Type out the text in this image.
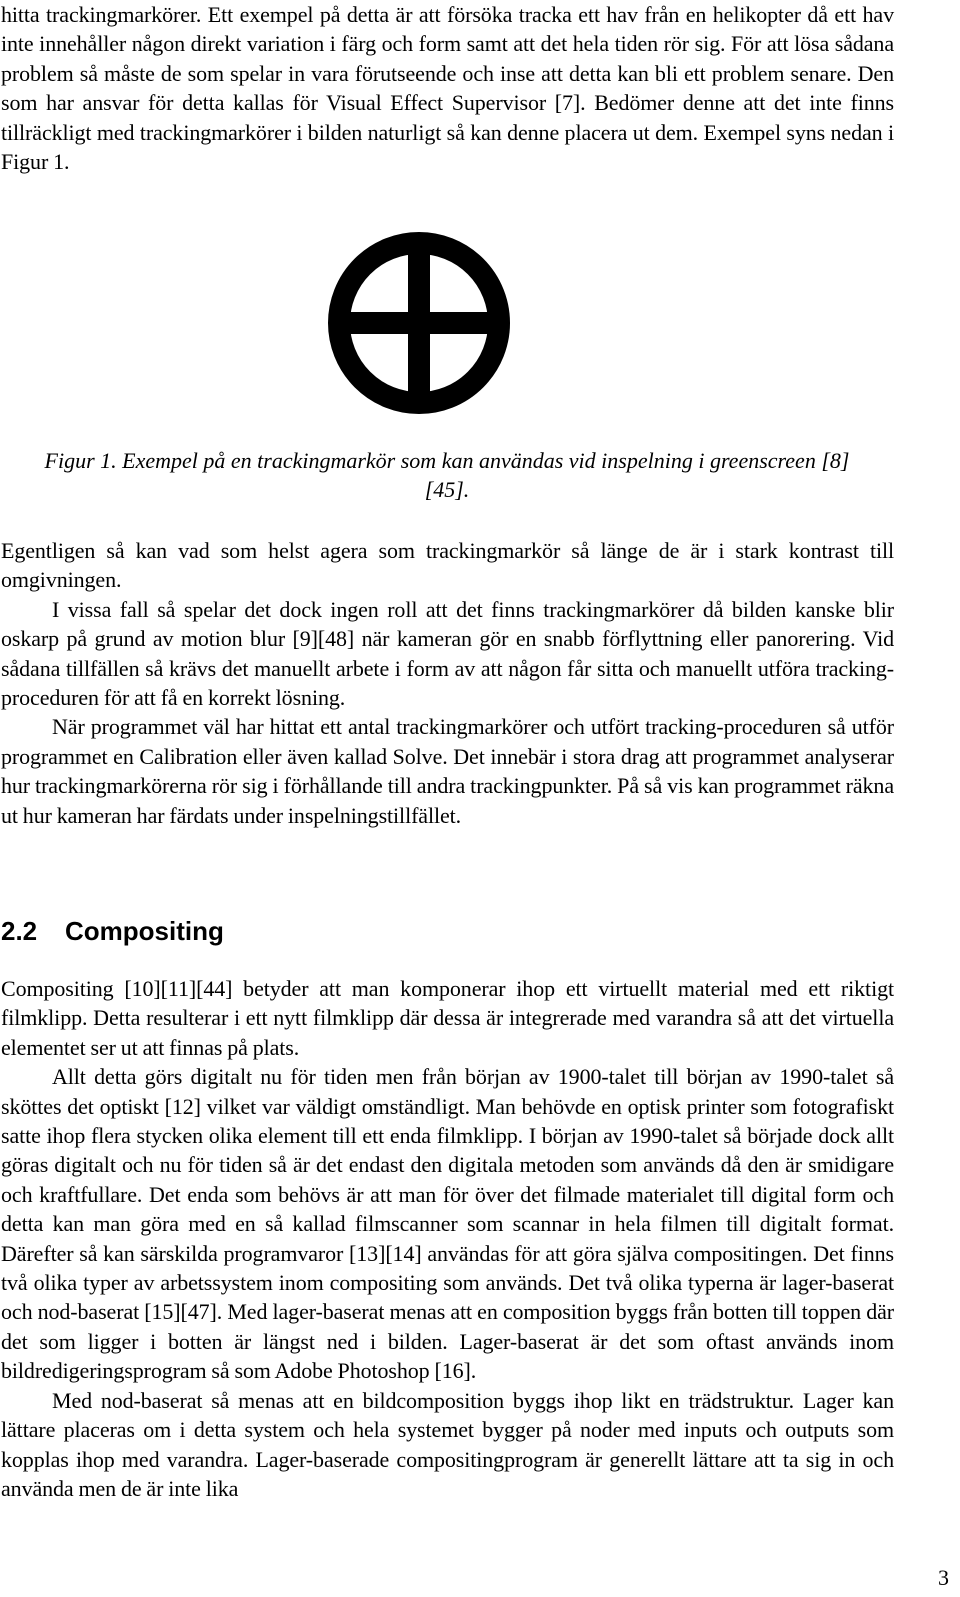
hitta trackingmarkörer. Ett exempel på detta är att försöka tracka ett hav från en helikopter då ett hav inte innehåller någon direkt variation i färg och form samt att det hela tiden rör sig. För att lösa sådana problem så måste de som spelar in vara förutseende och inse att detta kan bli ett problem senare. Den som har ansvar för detta kallas för Visual Effect Supervisor [7]. Bedömer denne att det inte finns tillräckligt med trackingmarkörer i bilden naturligt så kan denne placera ut dem. Exempel syns nedan i Figur 1.

Figur 1. Exempel på en trackingmarkör som kan användas vid inspelning i greenscreen [8][45].

Egentligen så kan vad som helst agera som trackingmarkör så länge de är i stark kontrast till omgivningen.

I vissa fall så spelar det dock ingen roll att det finns trackingmarkörer då bilden kanske blir oskarp på grund av motion blur [9][48] när kameran gör en snabb förflyttning eller panorering. Vid sådana tillfällen så krävs det manuellt arbete i form av att någon får sitta och manuellt utföra tracking-proceduren för att få en korrekt lösning.

När programmet väl har hittat ett antal trackingmarkörer och utfört tracking-proceduren så utför programmet en Calibration eller även kallad Solve. Det innebär i stora drag att programmet analyserar hur trackingmarkörerna rör sig i förhållande till andra trackingpunkter. På så vis kan programmet räkna ut hur kameran har färdats under inspelningstillfället.

2.2 Compositing

Compositing [10][11][44] betyder att man komponerar ihop ett virtuellt material med ett riktigt filmklipp. Detta resulterar i ett nytt filmklipp där dessa är integrerade med varandra så att det virtuella elementet ser ut att finnas på plats.

Allt detta görs digitalt nu för tiden men från början av 1900-talet till början av 1990-talet så sköttes det optiskt [12] vilket var väldigt omständligt. Man behövde en optisk printer som fotografiskt satte ihop flera stycken olika element till ett enda filmklipp. I början av 1990-talet så började dock allt göras digitalt och nu för tiden så är det endast den digitala metoden som används då den är smidigare och kraftfullare. Det enda som behövs är att man för över det filmade materialet till digital form och detta kan man göra med en så kallad filmscanner som scannar in hela filmen till digitalt format. Därefter så kan särskilda programvaror [13][14] användas för att göra själva compositingen. Det finns två olika typer av arbetssystem inom compositing som används. Det två olika typerna är lager-baserat och nod-baserat [15][47]. Med lager-baserat menas att en composition byggs från botten till toppen där det som ligger i botten är längst ned i bilden. Lager-baserat är det som oftast används inom bildredigeringsprogram så som Adobe Photoshop [16].

Med nod-baserat så menas att en bildcomposition byggs ihop likt en trädstruktur. Lager kan lättare placeras om i detta system och hela systemet bygger på noder med inputs och outputs som kopplas ihop med varandra. Lager-baserade compositingprogram är generellt lättare att ta sig in och använda men de är inte lika

3
